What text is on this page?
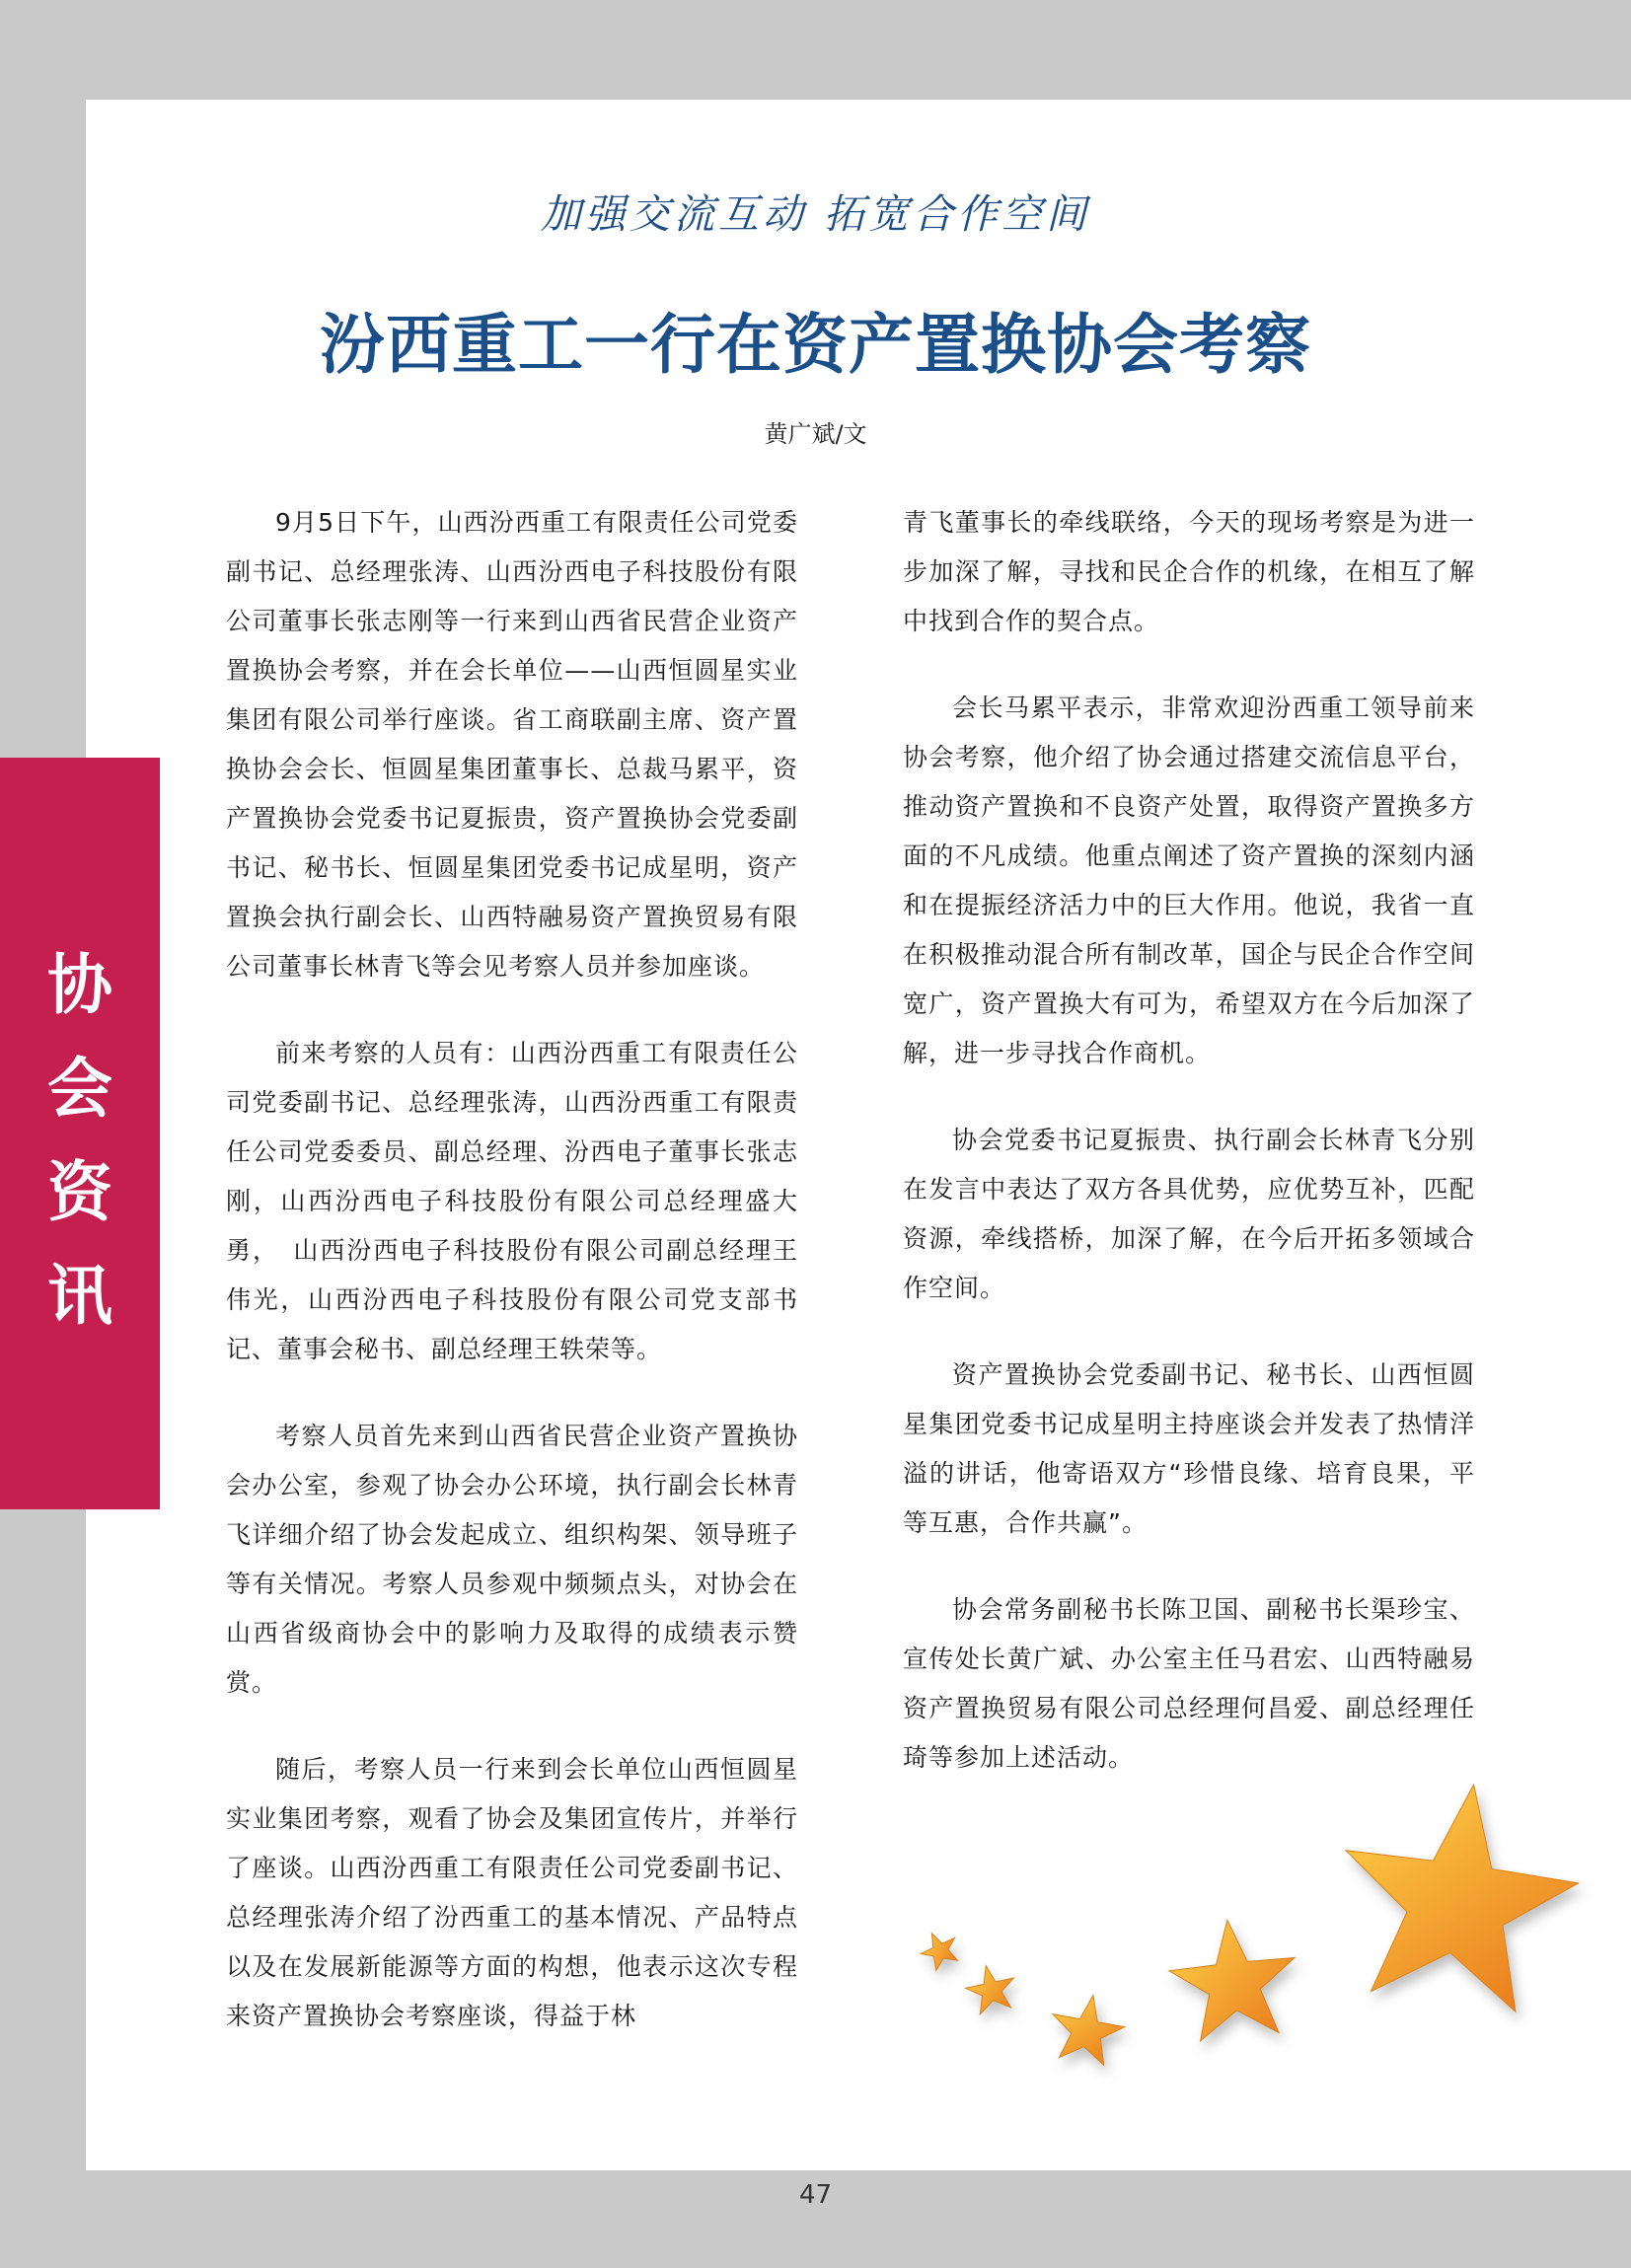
协
会
资
讯
加强交流互动 拓宽合作空间
汾西重工一行在资产置换协会考察
黄广斌/文

9月5日下午，山西汾西重工有限责任公司党委副书记、总经理张涛、山西汾西电子科技股份有限公司董事长张志刚等一行来到山西省民营企业资产置换协会考察，并在会长单位——山西恒圆星实业集团有限公司举行座谈。省工商联副主席、资产置换协会会长、恒圆星集团董事长、总裁马累平，资产置换协会党委书记夏振贵，资产置换协会党委副书记、秘书长、恒圆星集团党委书记成星明，资产置换会执行副会长、山西特融易资产置换贸易有限公司董事长林青飞等会见考察人员并参加座谈。

前来考察的人员有：山西汾西重工有限责任公司党委副书记、总经理张涛，山西汾西重工有限责任公司党委委员、副总经理、汾西电子董事长张志刚，山西汾西电子科技股份有限公司总经理盛大勇，　山西汾西电子科技股份有限公司副总经理王伟光，山西汾西电子科技股份有限公司党支部书记、董事会秘书、副总经理王轶荣等。

考察人员首先来到山西省民营企业资产置换协会办公室，参观了协会办公环境，执行副会长林青飞详细介绍了协会发起成立、组织构架、领导班子等有关情况。考察人员参观中频频点头，对协会在山西省级商协会中的影响力及取得的成绩表示赞赏。

随后，考察人员一行来到会长单位山西恒圆星实业集团考察，观看了协会及集团宣传片，并举行了座谈。山西汾西重工有限责任公司党委副书记、总经理张涛介绍了汾西重工的基本情况、产品特点以及在发展新能源等方面的构想，他表示这次专程来资产置换协会考察座谈，得益于林

青飞董事长的牵线联络，今天的现场考察是为进一步加深了解，寻找和民企合作的机缘，在相互了解中找到合作的契合点。

会长马累平表示，非常欢迎汾西重工领导前来协会考察，他介绍了协会通过搭建交流信息平台，推动资产置换和不良资产处置，取得资产置换多方面的不凡成绩。他重点阐述了资产置换的深刻内涵和在提振经济活力中的巨大作用。他说，我省一直在积极推动混合所有制改革，国企与民企合作空间宽广，资产置换大有可为，希望双方在今后加深了解，进一步寻找合作商机。

协会党委书记夏振贵、执行副会长林青飞分别在发言中表达了双方各具优势，应优势互补，匹配资源，牵线搭桥，加深了解，在今后开拓多领域合作空间。

资产置换协会党委副书记、秘书长、山西恒圆星集团党委书记成星明主持座谈会并发表了热情洋溢的讲话，他寄语双方“珍惜良缘、培育良果，平等互惠，合作共赢”。

协会常务副秘书长陈卫国、副秘书长渠珍宝、宣传处长黄广斌、办公室主任马君宏、山西特融易资产置换贸易有限公司总经理何昌爱、副总经理任琦等参加上述活动。

47
